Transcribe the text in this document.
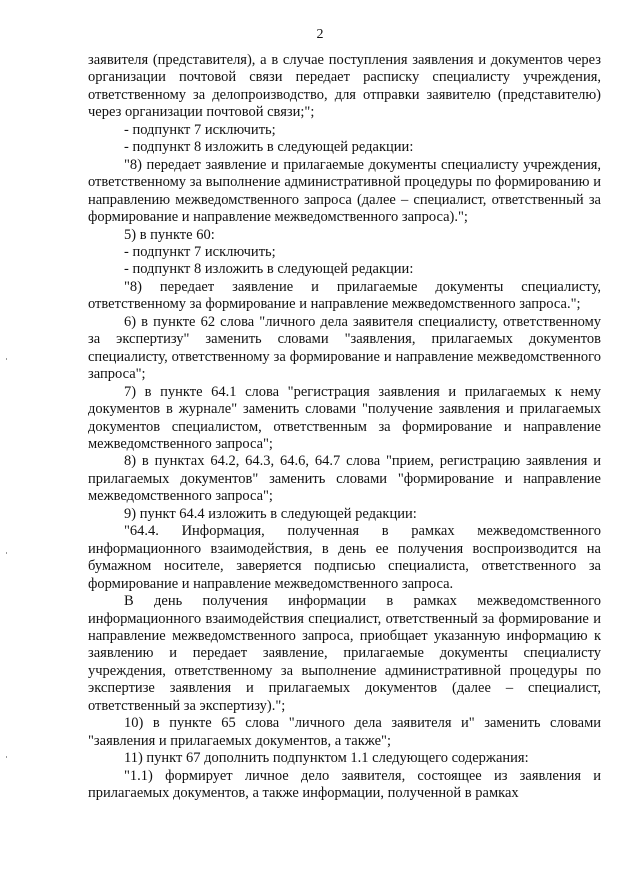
2

заявителя (представителя), а в случае поступления заявления и документов через организации почтовой связи передает расписку специалисту учреждения, ответственному за делопроизводство, для отправки заявителю (представителю) через организации почтовой связи;";

- подпункт 7 исключить;

- подпункт 8 изложить в следующей редакции:

"8) передает заявление и прилагаемые документы специалисту учреждения, ответственному за выполнение административной процедуры по формированию и направлению межведомственного запроса (далее – специалист, ответственный за формирование и направление межведомственного запроса).";

5) в пункте 60:

- подпункт 7 исключить;

- подпункт 8 изложить в следующей редакции:

"8) передает заявление и прилагаемые документы специалисту, ответственному за формирование и направление межведомственного запроса.";

6) в пункте 62 слова "личного дела заявителя специалисту, ответственному за экспертизу" заменить словами "заявления, прилагаемых документов специалисту, ответственному за формирование и направление межведомственного запроса";

7) в пункте 64.1 слова "регистрация заявления и прилагаемых к нему документов в журнале" заменить словами "получение заявления и прилагаемых документов специалистом, ответственным за формирование и направление межведомственного запроса";

8) в пунктах 64.2, 64.3, 64.6, 64.7 слова "прием, регистрацию заявления и прилагаемых документов" заменить словами "формирование и направление межведомственного запроса";

9) пункт 64.4 изложить в следующей редакции:

"64.4. Информация, полученная в рамках межведомственного информационного взаимодействия, в день ее получения воспроизводится на бумажном носителе, заверяется подписью специалиста, ответственного за формирование и направление межведомственного запроса.

В день получения информации в рамках межведомственного информационного взаимодействия специалист, ответственный за формирование и направление межведомственного запроса, приобщает указанную информацию к заявлению и передает заявление, прилагаемые документы специалисту учреждения, ответственному за выполнение административной процедуры по экспертизе заявления и прилагаемых документов (далее – специалист, ответственный за экспертизу).";

10) в пункте 65 слова "личного дела заявителя и" заменить словами "заявления и прилагаемых документов, а также";

11) пункт 67 дополнить подпунктом 1.1 следующего содержания:

"1.1) формирует личное дело заявителя, состоящее из заявления и прилагаемых документов, а также информации, полученной в рамках
